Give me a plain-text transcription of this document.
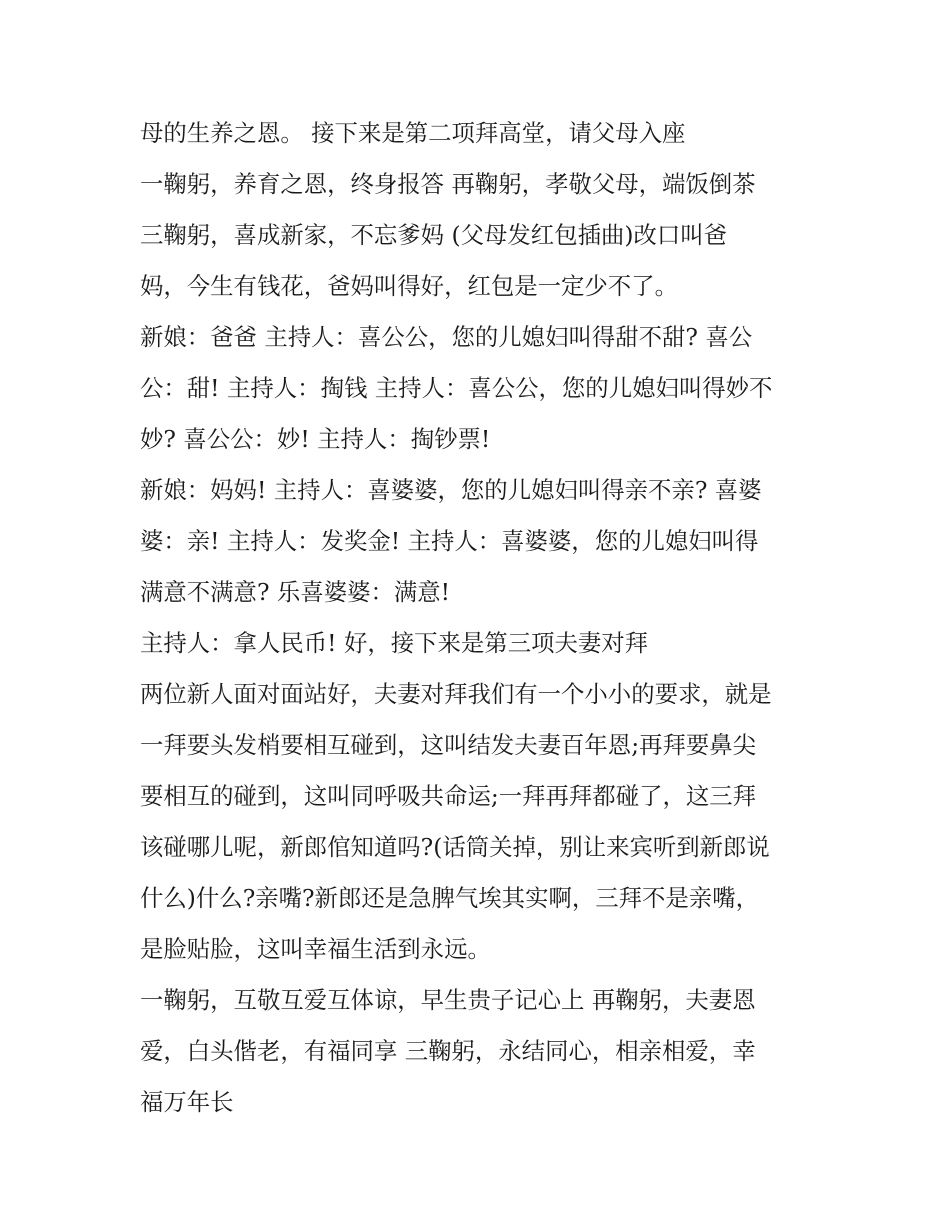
母的生养之恩。 接下来是第二项拜高堂，请父母入座
一鞠躬，养育之恩，终身报答 再鞠躬，孝敬父母，端饭倒茶
三鞠躬，喜成新家，不忘爹妈 (父母发红包插曲)改口叫爸
妈，今生有钱花，爸妈叫得好，红包是一定少不了。
新娘：爸爸 主持人：喜公公，您的儿媳妇叫得甜不甜? 喜公
公：甜! 主持人：掏钱 主持人：喜公公，您的儿媳妇叫得妙不
妙? 喜公公：妙! 主持人：掏钞票!
新娘：妈妈! 主持人：喜婆婆，您的儿媳妇叫得亲不亲? 喜婆
婆：亲! 主持人：发奖金! 主持人：喜婆婆，您的儿媳妇叫得
满意不满意? 乐喜婆婆：满意!
主持人：拿人民币! 好，接下来是第三项夫妻对拜
两位新人面对面站好，夫妻对拜我们有一个小小的要求，就是
一拜要头发梢要相互碰到，这叫结发夫妻百年恩;再拜要鼻尖
要相互的碰到，这叫同呼吸共命运;一拜再拜都碰了，这三拜
该碰哪儿呢，新郎倌知道吗?(话筒关掉，别让来宾听到新郎说
什么)什么?亲嘴?新郎还是急脾气埃其实啊，三拜不是亲嘴，
是脸贴脸，这叫幸福生活到永远。
一鞠躬，互敬互爱互体谅，早生贵子记心上 再鞠躬，夫妻恩
爱，白头偕老，有福同享 三鞠躬，永结同心，相亲相爱，幸
福万年长
